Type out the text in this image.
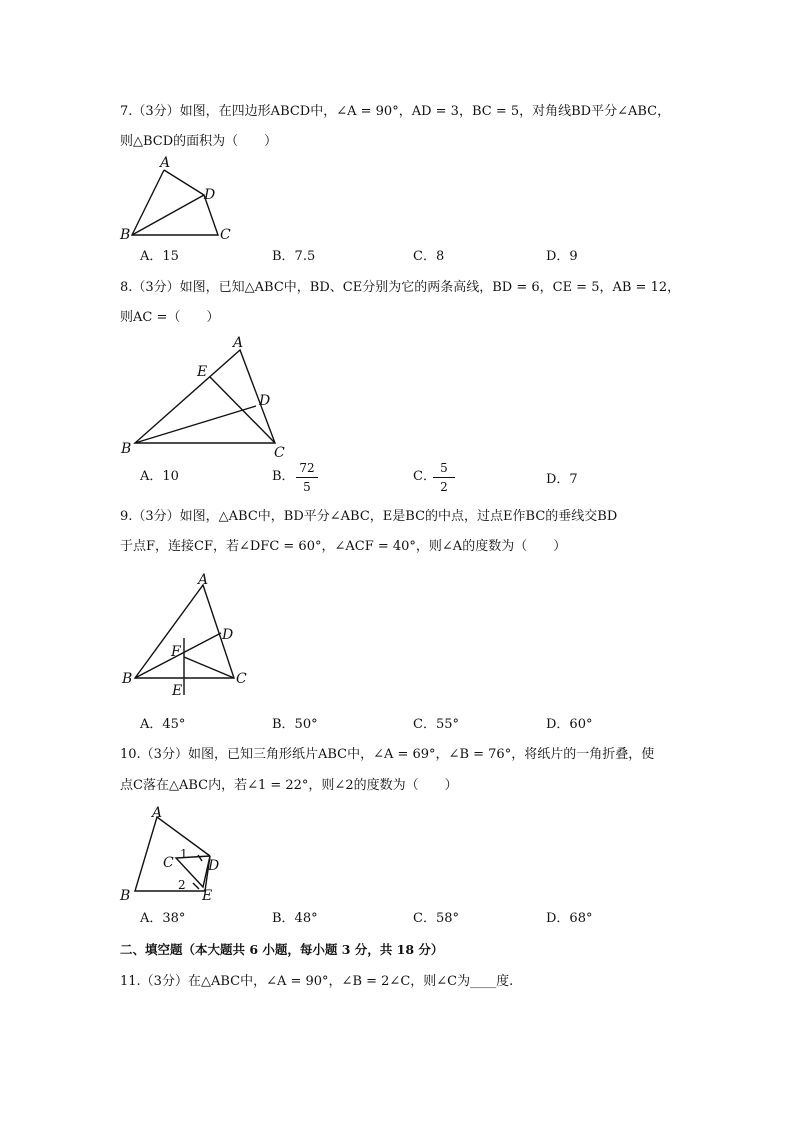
7.（3分）如图，在四边形ABCD中，∠A = 90°，AD = 3，BC = 5，对角线BD平分∠ABC，
则△BCD的面积为（　　）
A
B	C
D
A．15	B．7.5	C．8	D．9
8.（3分）如图，已知△ABC中，BD、CE分别为它的两条高线，BD = 6，CE = 5，AB = 12，
则AC =（　　）
A
B	C
D
E
A．10	B．
72
5
C．
5
2	D．7
9.（3分）如图，△ABC中，BD平分∠ABC，E是BC的中点，过点E作BC的垂线交BD
于点F，连接CF，若∠DFC = 60°，∠ACF = 40°，则∠A的度数为（　　）
A
B	C
D
E
F
A．45°	B．50°	C．55°	D．60°
10.（3分）如图，已知三角形纸片ABC中，∠A = 69°，∠B = 76°，将纸片的一角折叠，使
点C落在△ABC内，若∠1 = 22°，则∠2的度数为（　　）
A
B
C D
E
1
2
A．38°	B．48°	C．58°	D．68°
二、填空题（本大题共 6 小题，每小题 3 分，共 18 分）
11.（3分）在△ABC中，∠A = 90°，∠B = 2∠C，则∠C为____度.
